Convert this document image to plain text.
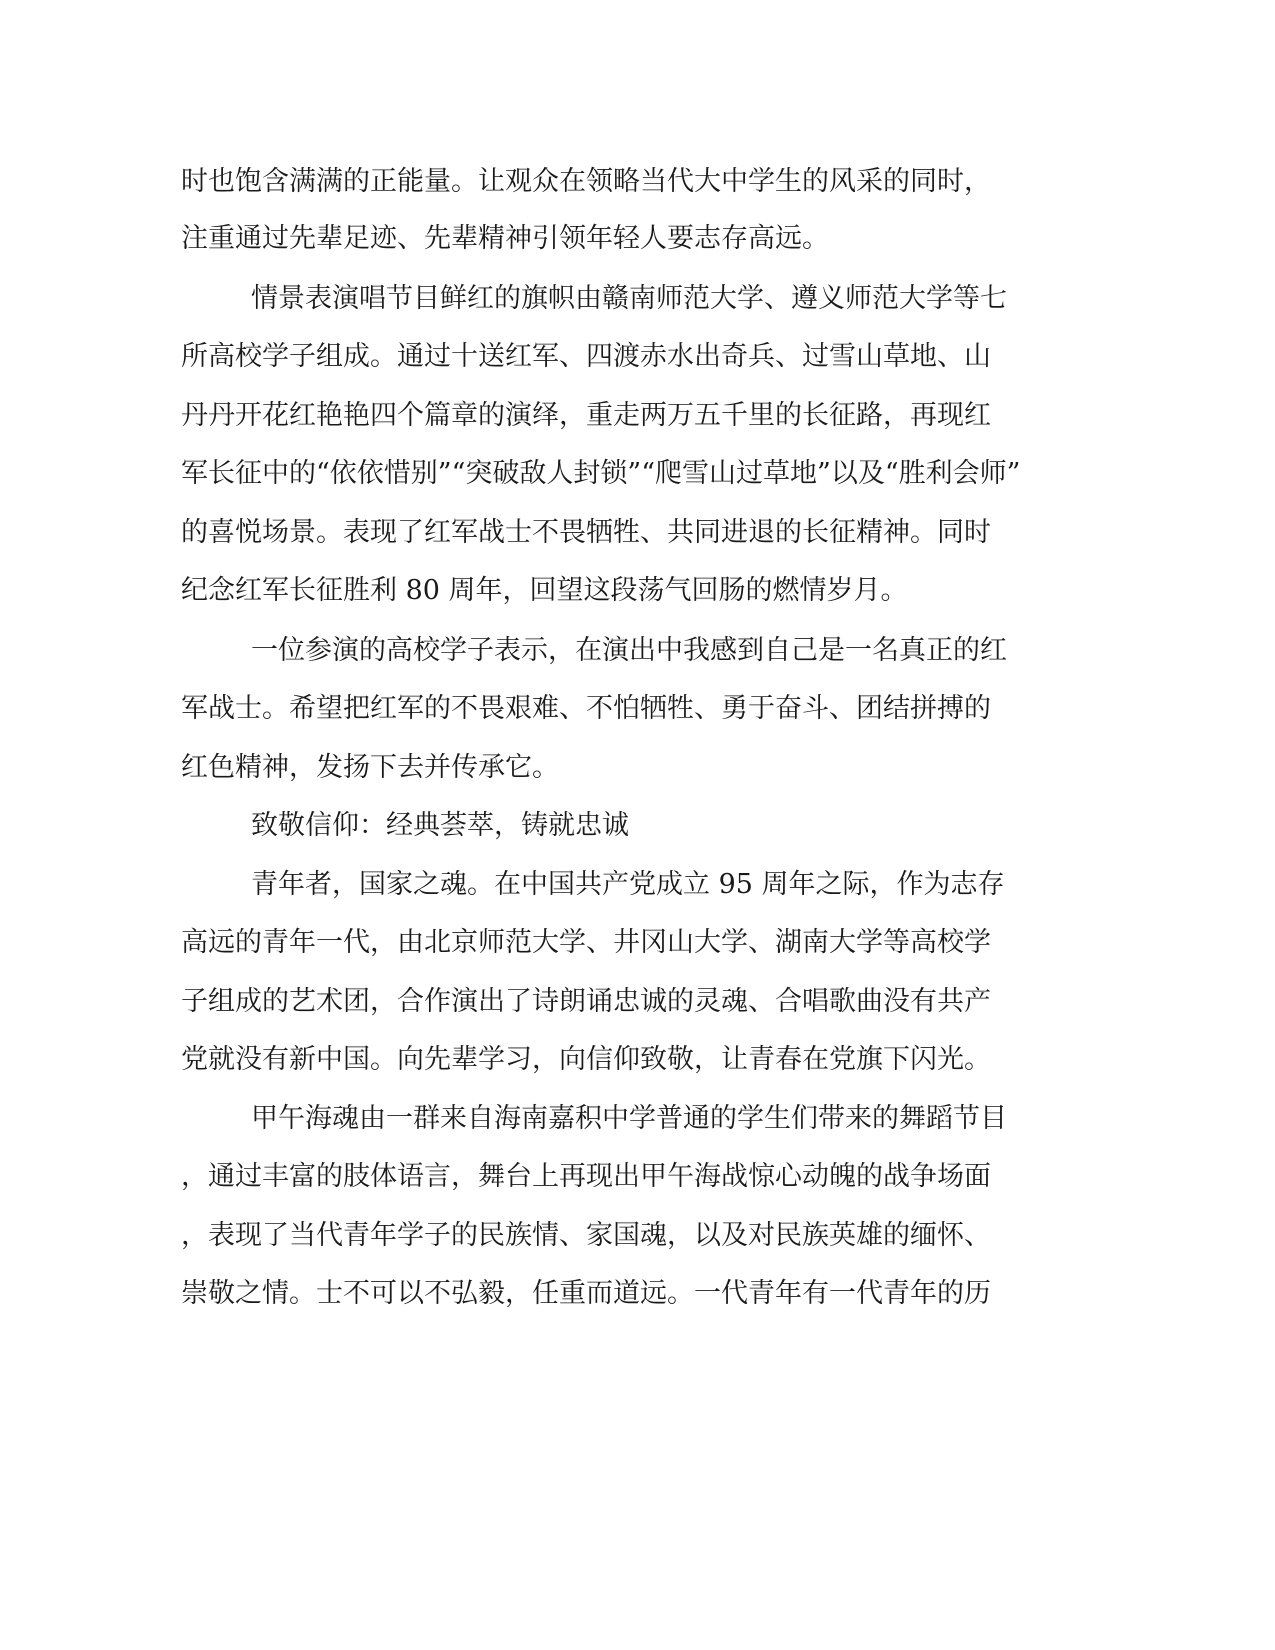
时也饱含满满的正能量。让观众在领略当代大中学生的风采的同时，
注重通过先辈足迹、先辈精神引领年轻人要志存高远。
情景表演唱节目鲜红的旗帜由赣南师范大学、遵义师范大学等七
所高校学子组成。通过十送红军、四渡赤水出奇兵、过雪山草地、山
丹丹开花红艳艳四个篇章的演绎，重走两万五千里的长征路，再现红
军长征中的“依依惜别”“突破敌人封锁”“爬雪山过草地”以及“胜利会师”
的喜悦场景。表现了红军战士不畏牺牲、共同进退的长征精神。同时
纪念红军长征胜利 80 周年，回望这段荡气回肠的燃情岁月。
一位参演的高校学子表示，在演出中我感到自己是一名真正的红
军战士。希望把红军的不畏艰难、不怕牺牲、勇于奋斗、团结拼搏的
红色精神，发扬下去并传承它。
致敬信仰：经典荟萃，铸就忠诚
青年者，国家之魂。在中国共产党成立 95 周年之际，作为志存
高远的青年一代，由北京师范大学、井冈山大学、湖南大学等高校学
子组成的艺术团，合作演出了诗朗诵忠诚的灵魂、合唱歌曲没有共产
党就没有新中国。向先辈学习，向信仰致敬，让青春在党旗下闪光。
甲午海魂由一群来自海南嘉积中学普通的学生们带来的舞蹈节目
，通过丰富的肢体语言，舞台上再现出甲午海战惊心动魄的战争场面
，表现了当代青年学子的民族情、家国魂，以及对民族英雄的缅怀、
崇敬之情。士不可以不弘毅，任重而道远。一代青年有一代青年的历
